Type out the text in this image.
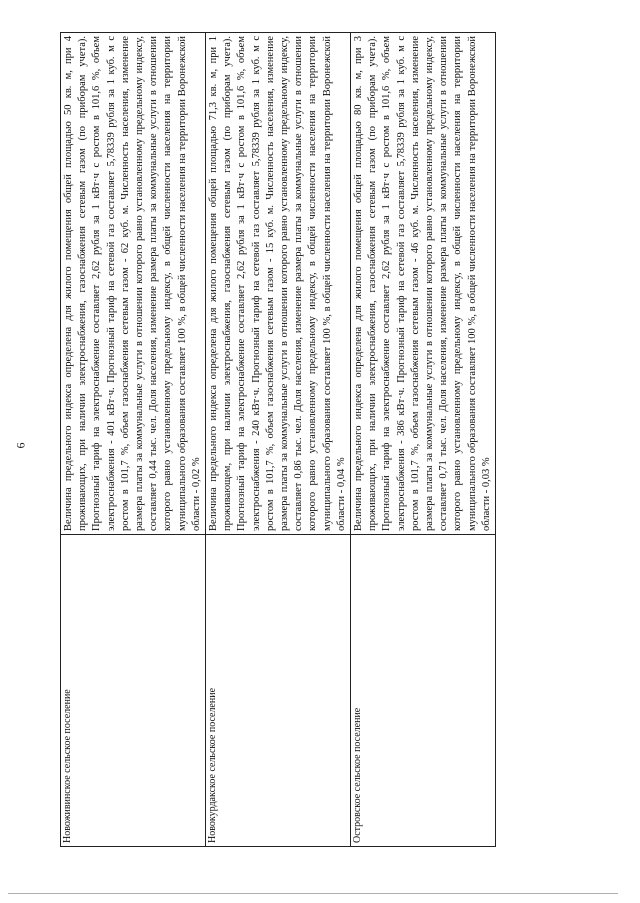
6
Новоживинское сельское поселение	Величина предельного индекса определена для жилого помещения общей площадью 50 кв. м, при 4 проживающих, при наличии электроснабжения, газоснабжения сетевым газом (по приборам учета). Прогнозный тариф на электроснабжение составляет 2,62 рубля за 1 кВт·ч с ростом в 101,6 %, объем электроснабжения - 401 кВт·ч. Прогнозный тариф на сетевой газ составляет 5,78339 рубля за 1 куб. м с ростом в 101,7 %, объем газоснабжения сетевым газом - 62 куб. м. Численность населения, изменение размера платы за коммунальные услуги в отношении которого равно установленному предельному индексу, составляет 0,44 тыс. чел. Доля населения, изменение размера платы за коммунальные услуги в отношении которого равно установленному предельному индексу, в общей численности населения на территории муниципального образования составляет 100 %, в общей численности населения на территории Воронежской области - 0,02 %
Новокурдакское сельское поселение	Величина предельного индекса определена для жилого помещения общей площадью 71,3 кв. м, при 1 проживающем, при наличии электроснабжения, газоснабжения сетевым газом (по приборам учета). Прогнозный тариф на электроснабжение составляет 2,62 рубля за 1 кВт·ч с ростом в 101,6 %, объем электроснабжения - 240 кВт·ч. Прогнозный тариф на сетевой газ составляет 5,78339 рубля за 1 куб. м с ростом в 101,7 %, объем газоснабжения сетевым газом - 15 куб. м. Численность населения, изменение размера платы за коммунальные услуги в отношении которого равно установленному предельному индексу, составляет 0,86 тыс. чел. Доля населения, изменение размера платы за коммунальные услуги в отношении которого равно установленному предельному индексу, в общей численности населения на территории муниципального образования составляет 100 %, в общей численности населения на территории Воронежской области - 0,04 %
Островское сельское поселение	Величина предельного индекса определена для жилого помещения общей площадью 80 кв. м, при 3 проживающих, при наличии электроснабжения, газоснабжения сетевым газом (по приборам учета). Прогнозный тариф на электроснабжение составляет 2,62 рубля за 1 кВт·ч с ростом в 101,6 %, объем электроснабжения - 386 кВт·ч. Прогнозный тариф на сетевой газ составляет 5,78339 рубля за 1 куб. м с ростом в 101,7 %, объем газоснабжения сетевым газом - 46 куб. м. Численность населения, изменение размера платы за коммунальные услуги в отношении которого равно установленному предельному индексу, составляет 0,71 тыс. чел. Доля населения, изменение размера платы за коммунальные услуги в отношении которого равно установленному предельному индексу, в общей численности населения на территории муниципального образования составляет 100 %, в общей численности населения на территории Воронежской области - 0,03 %
